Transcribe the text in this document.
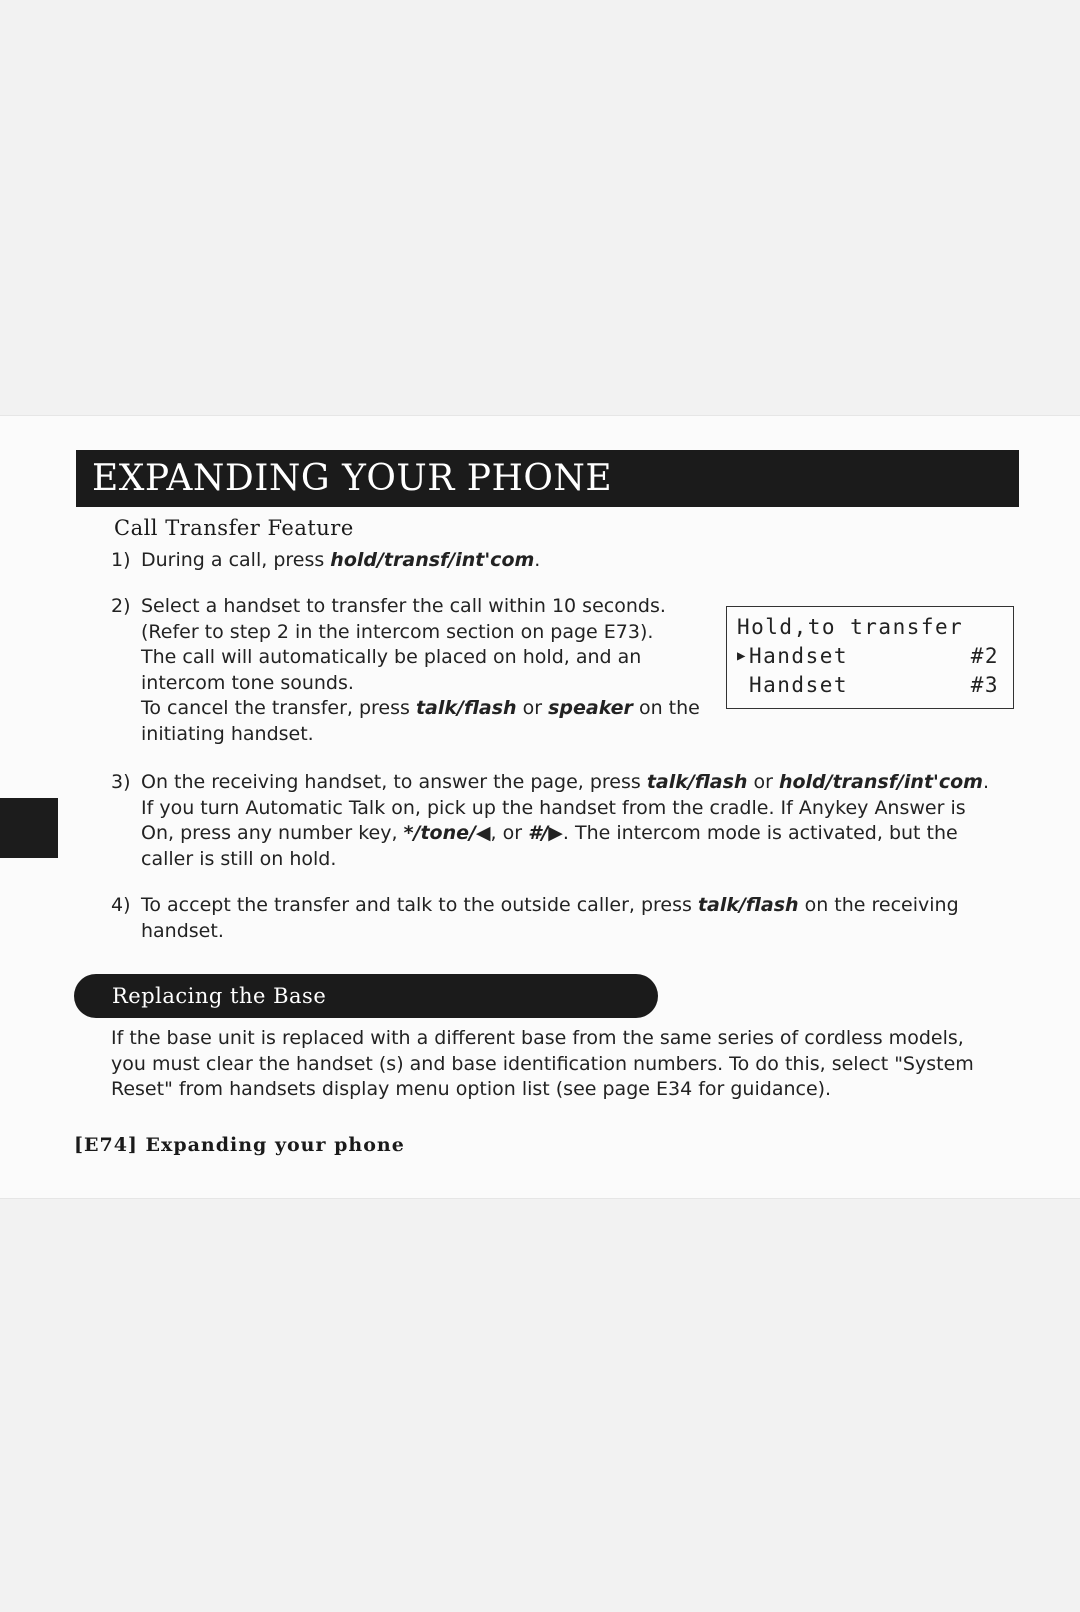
EXPANDING YOUR PHONE
Call Transfer Feature
1) During a call, press hold/transf/int'com.
2) Select a handset to transfer the call within 10 seconds.
(Refer to step 2 in the intercom section on page E73).
The call will automatically be placed on hold, and an
intercom tone sounds.
To cancel the transfer, press talk/flash or speaker on the
initiating handset.
Hold,to transfer
▶Handset	#2
Handset	#3
3) On the receiving handset, to answer the page, press talk/flash or hold/transf/int'com.
If you turn Automatic Talk on, pick up the handset from the cradle. If Anykey Answer is
On, press any number key, */tone/◀, or #/▶. The intercom mode is activated, but the
caller is still on hold.
4) To accept the transfer and talk to the outside caller, press talk/flash on the receiving
handset.
Replacing the Base
If the base unit is replaced with a different base from the same series of cordless models,
you must clear the handset (s) and base identification numbers. To do this, select "System
Reset" from handsets display menu option list (see page E34 for guidance).
[E74] Expanding your phone
